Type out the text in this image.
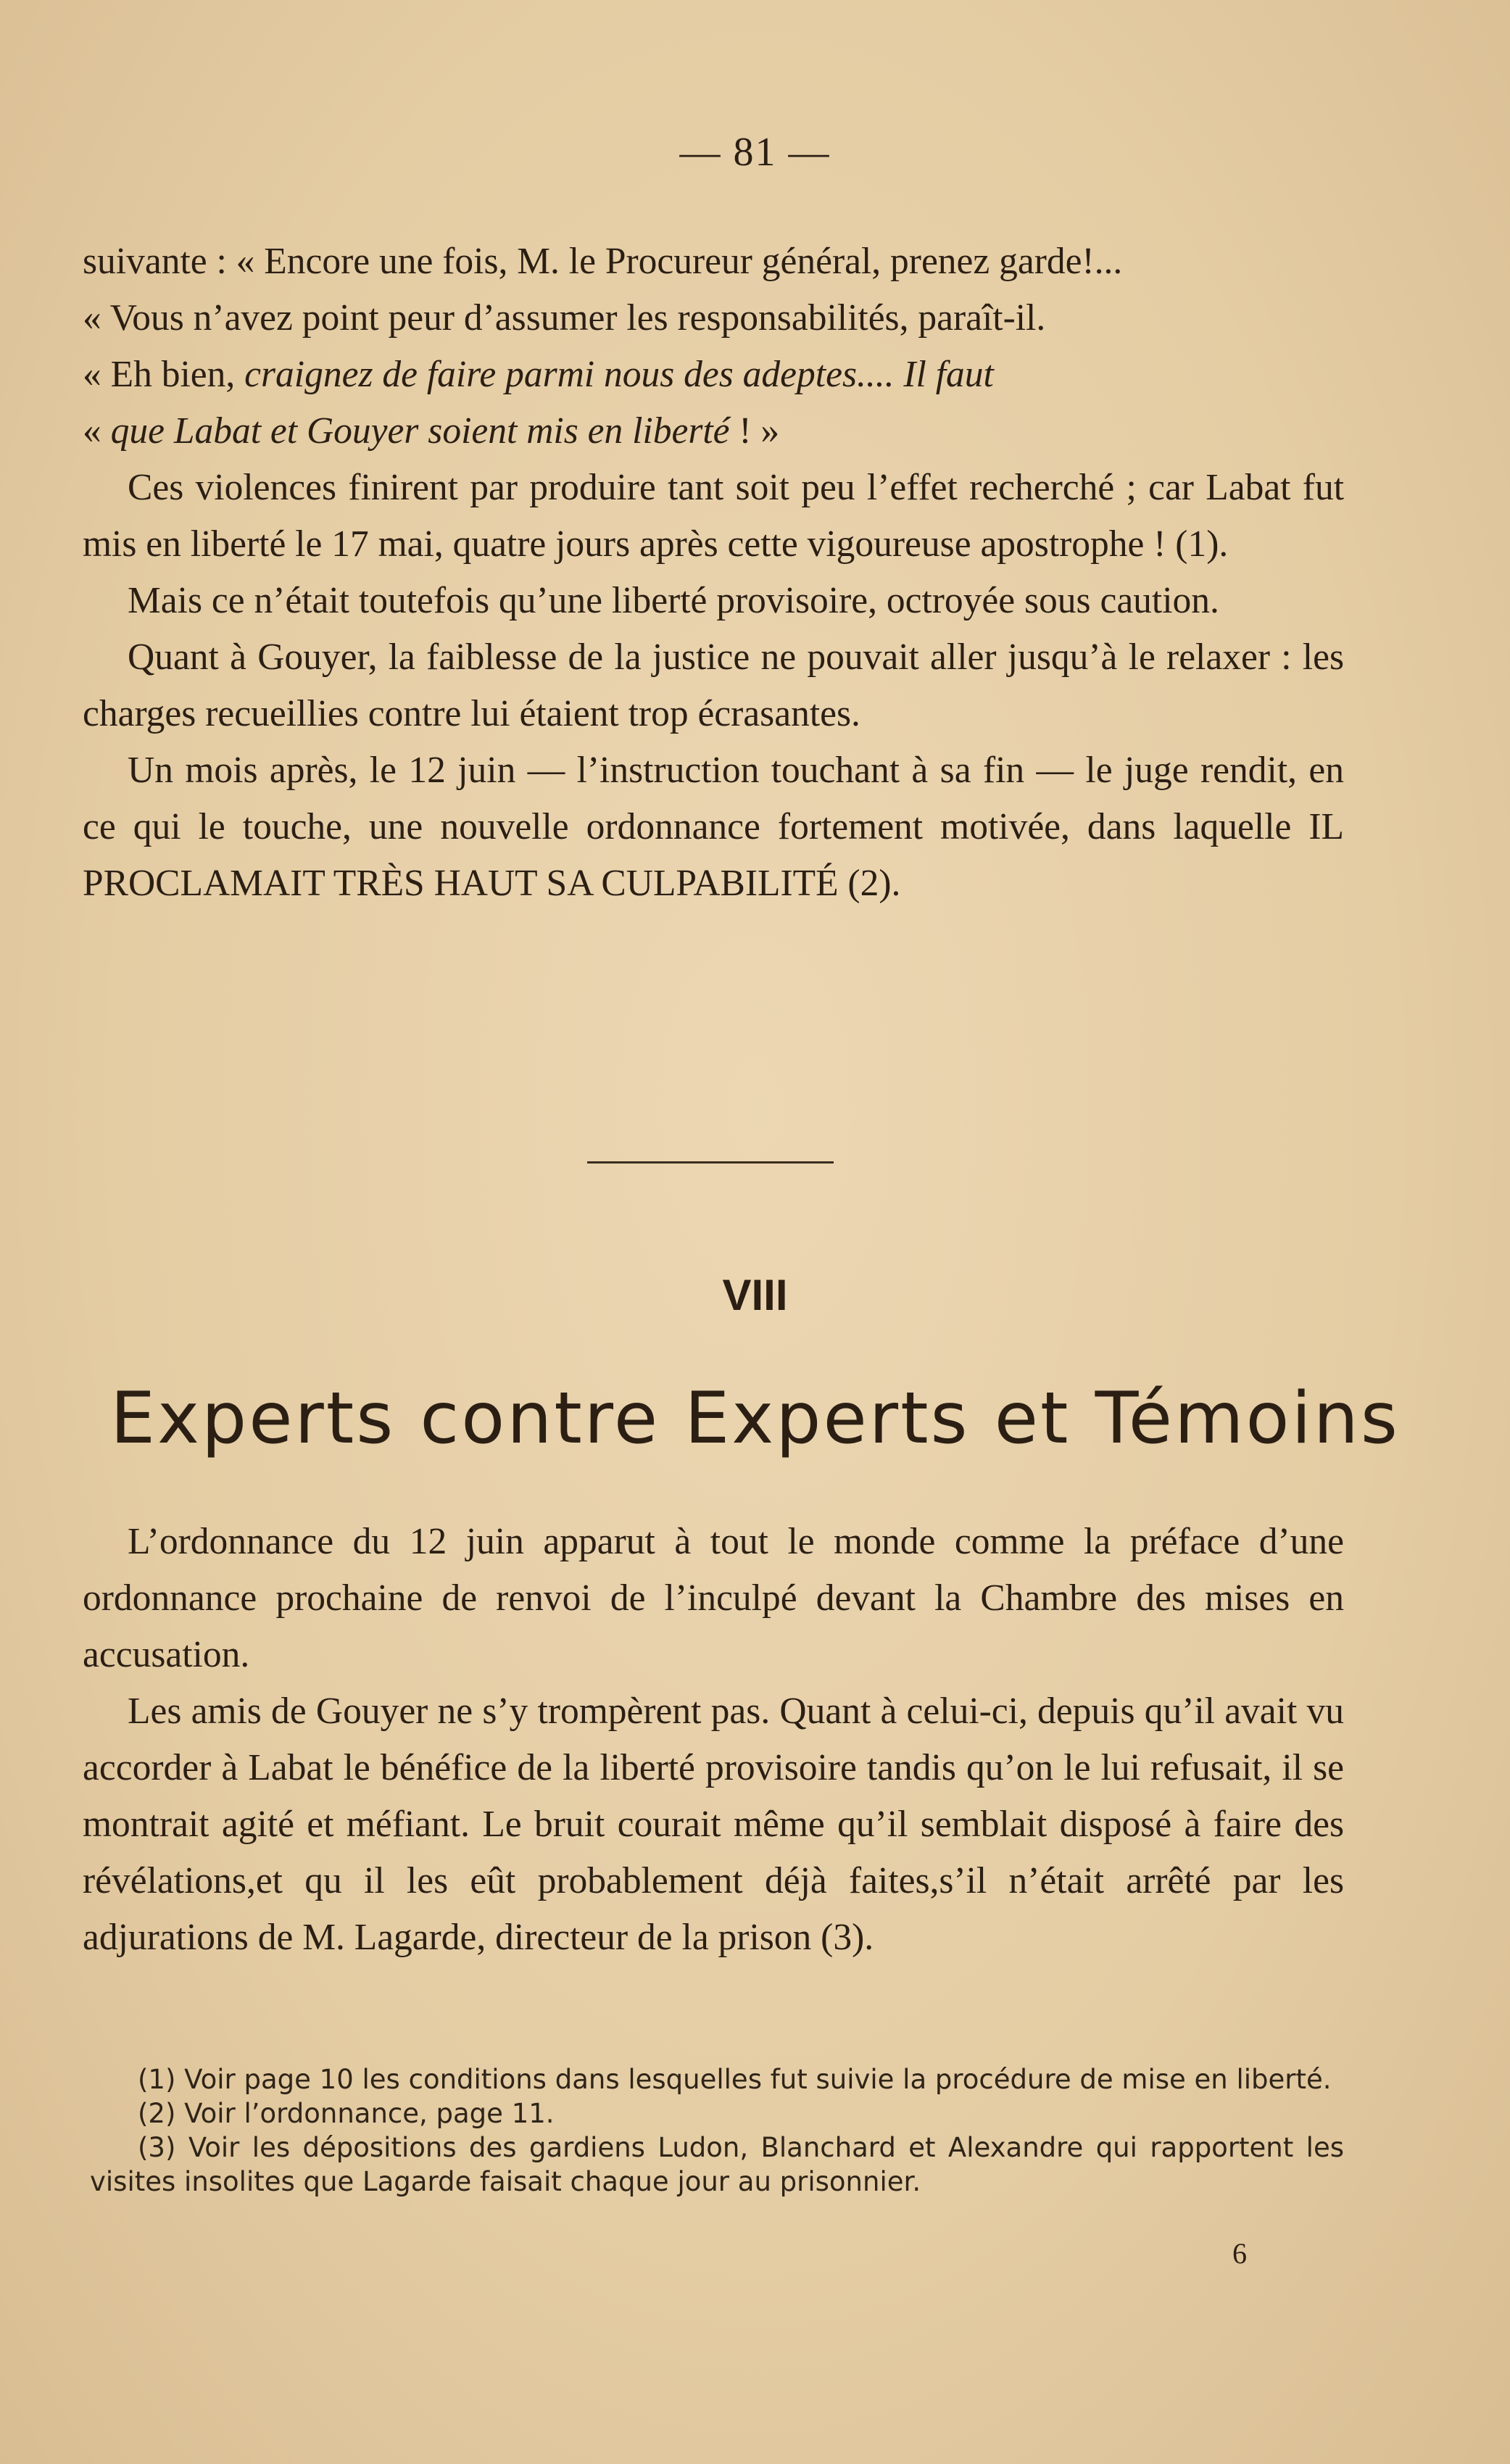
— 81 —

suivante : « Encore une fois, M. le Procureur général, prenez garde!...

« Vous n’avez point peur d’assumer les responsabilités, paraît-il.

« Eh bien, craignez de faire parmi nous des adeptes.... Il faut

« que Labat et Gouyer soient mis en liberté ! »

Ces violences finirent par produire tant soit peu l’effet recherché ; car Labat fut mis en liberté le 17 mai, quatre jours après cette vigoureuse apostrophe ! (1).

Mais ce n’était toutefois qu’une liberté provisoire, octroyée sous caution.

Quant à Gouyer, la faiblesse de la justice ne pouvait aller jusqu’à le relaxer : les charges recueillies contre lui étaient trop écrasantes.

Un mois après, le 12 juin — l’instruction touchant à sa fin — le juge rendit, en ce qui le touche, une nouvelle ordonnance fortement motivée, dans laquelle IL PROCLAMAIT TRÈS HAUT SA CULPABILITÉ (2).

VIII
Experts contre Experts et Témoins

L’ordonnance du 12 juin apparut à tout le monde comme la préface d’une ordonnance prochaine de renvoi de l’inculpé devant la Chambre des mises en accusation.

Les amis de Gouyer ne s’y trompèrent pas. Quant à celui-ci, depuis qu’il avait vu accorder à Labat le bénéfice de la liberté provisoire tandis qu’on le lui refusait, il se montrait agité et méfiant. Le bruit courait même qu’il semblait disposé à faire des révélations,et qu il les eût probablement déjà faites,s’il n’était arrêté par les adjurations de M. Lagarde, directeur de la prison (3).

(1) Voir page 10 les conditions dans lesquelles fut suivie la procédure de mise en liberté.

(2) Voir l’ordonnance, page 11.

(3) Voir les dépositions des gardiens Ludon, Blanchard et Alexandre qui rapportent les visites insolites que Lagarde faisait chaque jour au prisonnier.

6
